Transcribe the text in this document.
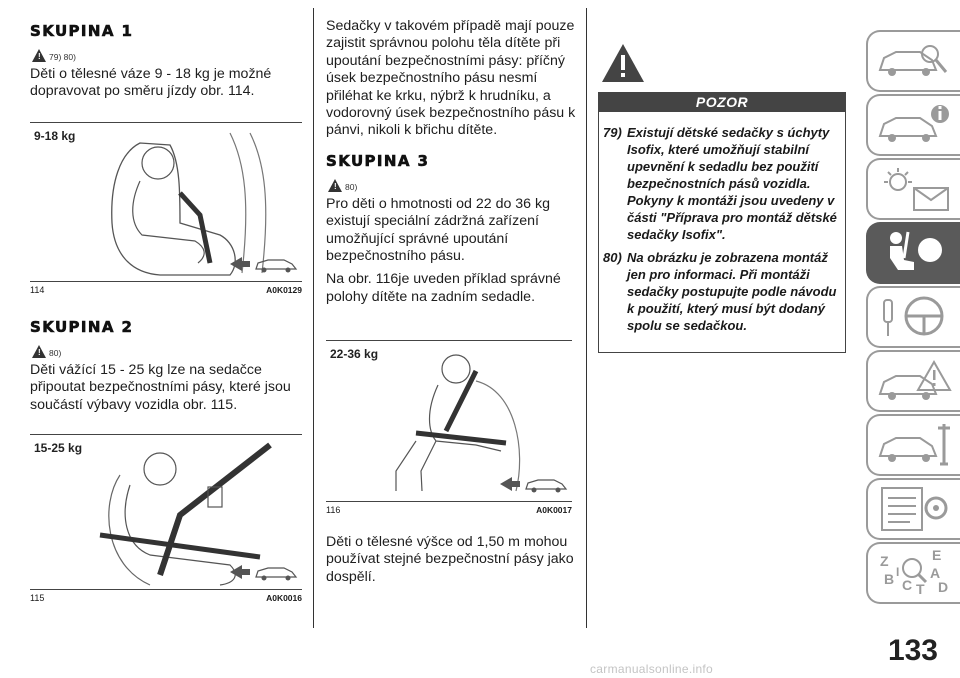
SKUPINA 1
! 79) 80)

Děti o tělesné váze 9 - 18 kg je možné dopravovat po směru jízdy obr. 114.

9-18 kg
114	A0K0129
SKUPINA 2
! 80)

Děti vážící 15 - 25 kg lze na sedačce připoutat bezpečnostními pásy, které jsou součástí výbavy vozidla obr. 115.

15-25 kg
115	A0K0016

Sedačky v takovém případě mají pouze zajistit správnou polohu těla dítěte při upoutání bezpečnostními pásy: příčný úsek bezpečnostního pásu nesmí přiléhat ke krku, nýbrž k hrudníku, a vodorovný úsek bezpečnostního pásu k pánvi, nikoli k břichu dítěte.

SKUPINA 3
! 80)

Pro děti o hmotnosti od 22 do 36 kg existují speciální zádržná zařízení umožňující správné upoutání bezpečnostního pásu.

Na obr. 116je uveden příklad správné polohy dítěte na zadním sedadle.

22-36 kg
116	A0K0017

Děti o tělesné výšce od 1,50 m mohou používat stejné bezpečnostní pásy jako dospělí.

POZOR
79) Existují dětské sedačky s úchyty Isofix, které umožňují stabilní upevnění k sedadlu bez použití bezpečnostních pásů vozidla. Pokyny k montáži jsou uvedeny v části "Příprava pro montáž dětské sedačky Isofix".

80) Na obrázku je zobrazena montáž jen pro informaci. Při montáži sedačky postupujte podle návodu k použití, který musí být dodaný spolu se sedačkou.

Z	E
A
B C T D
I
133
carmanualsonline.info
